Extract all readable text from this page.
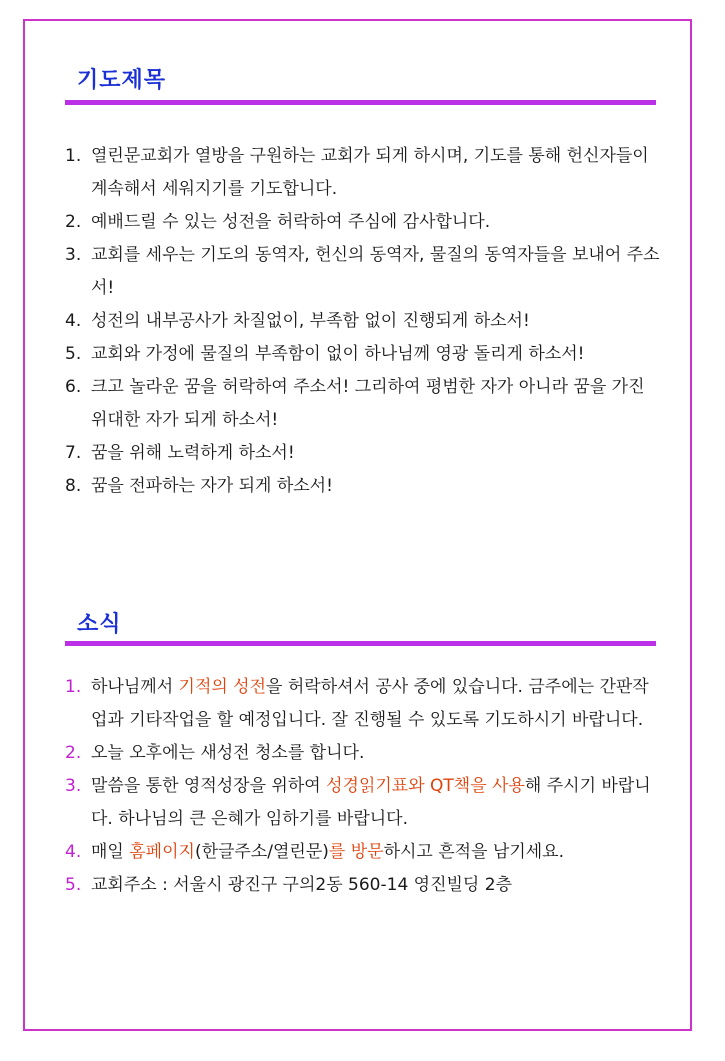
기도제목
1. 열린문교회가 열방을 구원하는 교회가 되게 하시며, 기도를 통해 헌신자들이 계속해서 세워지기를 기도합니다.
2. 예배드릴 수 있는 성전을 허락하여 주심에 감사합니다.
3. 교회를 세우는 기도의 동역자, 헌신의 동역자, 물질의 동역자들을 보내어 주소서!
4. 성전의 내부공사가 차질없이, 부족함 없이 진행되게 하소서!
5. 교회와 가정에 물질의 부족함이 없이 하나님께 영광 돌리게 하소서!
6. 크고 놀라운 꿈을 허락하여 주소서! 그리하여 평범한 자가 아니라 꿈을 가진 위대한 자가 되게 하소서!
7. 꿈을 위해 노력하게 하소서!
8. 꿈을 전파하는 자가 되게 하소서!
소식
1. 하나님께서 기적의 성전을 허락하셔서 공사 중에 있습니다. 금주에는 간판작업과 기타작업을 할 예정입니다. 잘 진행될 수 있도록 기도하시기 바랍니다.
2. 오늘 오후에는 새성전 청소를 합니다.
3. 말씀을 통한 영적성장을 위하여 성경읽기표와 QT책을 사용해 주시기 바랍니다. 하나님의 큰 은혜가 임하기를 바랍니다.
4. 매일 홈페이지(한글주소/열린문)를 방문하시고 흔적을 남기세요.
5. 교회주소 : 서울시 광진구 구의2동 560-14 영진빌딩 2층
